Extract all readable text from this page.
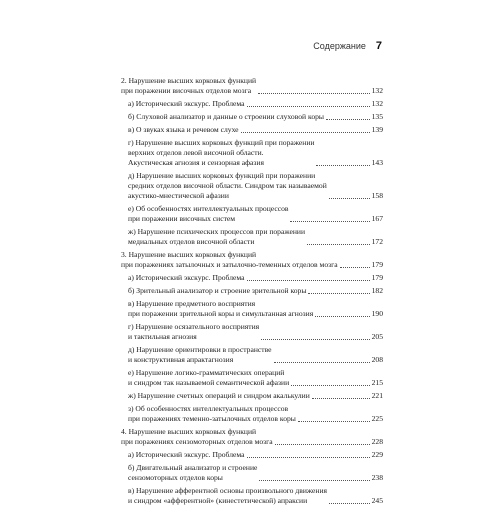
Содержание 7
2. Нарушение высших корковых функций
при поражении височных отделов мозга	132
а) Исторический экскурс. Проблема	132
б) Слуховой анализатор и данные о строении слуховой коры	135
в) О звуках языка и речевом слухе	139
г) Нарушение высших корковых функций при поражении
верхних отделов левой височной области.
Акустическая агнозия и сензорная афазия	143
д) Нарушение высших корковых функций при поражении
средних отделов височной области. Синдром так называемой
акустико-мнестической афазии	158
е) Об особенностях интеллектуальных процессов
при поражении височных систем	167
ж) Нарушение психических процессов при поражении
медиальных отделов височной области	172
3. Нарушение высших корковых функций
при поражениях затылочных и затылочно-теменных отделов мозга	179
а) Исторический экскурс. Проблема	179
б) Зрительный анализатор и строение зрительной коры	182
в) Нарушение предметного восприятия
при поражении зрительной коры и симультанная агнозия	190
г) Нарушение осязательного восприятия
и тактильная агнозия	205
д) Нарушение ориентировки в пространстве
и конструктивная апрактагнозия	208
е) Нарушение логико-грамматических операций
и синдром так называемой семантической афазии	215
ж) Нарушение счетных операций и синдром акалькулии	221
з) Об особенностях интеллектуальных процессов
при поражениях теменно-затылочных отделов коры	225
4. Нарушение высших корковых функций
при поражениях сензомоторных отделов мозга	228
а) Исторический экскурс. Проблема	229
б) Двигательный анализатор и строение
сензомоторных отделов коры	238
в) Нарушение афферентной основы произвольного движения
и синдром «афферентной» (кинестетической) апраксии	245
